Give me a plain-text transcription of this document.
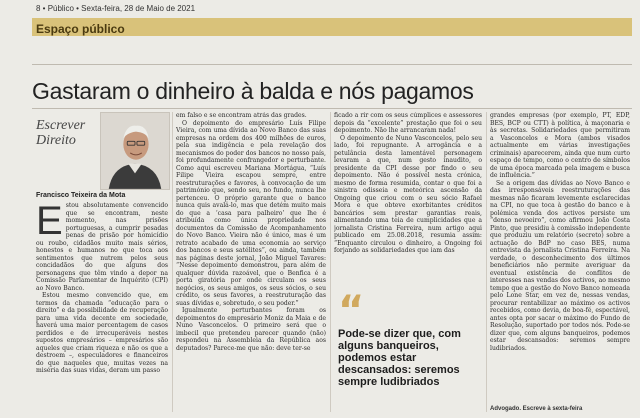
8 • Público • Sexta-feira, 28 de Maio de 2021
Espaço público
Gastaram o dinheiro à balda e nós pagamos
Escrever
Direito
Francisco Teixeira da Mota

Estou absolutamente convencido que se encontram, neste momento, nas prisões portuguesas, a cumprir pesadas penas de prisão por homicídio ou roubo, cidadãos muito mais sérios, honestos e humanos no que toca aos sentimentos que nutrem pelos seus concidadãos do que alguns dos personagens que têm vindo a depor na Comissão Parlamentar de Inquérito (CPI) ao Novo Banco.

Estou mesmo convencido que, em termos da chamada “educação para o direito” e da possibilidade de recuperação para uma vida decente em sociedade, haverá uma maior percentagem de casos perdidos e de irrecuperáveis nestes supostos empresários – empresários são aqueles que criam riqueza e não os que a destroem –, especuladores e financeiros do que naqueles que, muitas vezes na miséria das suas vidas, deram um passo

em falso e se encontram atrás das grades.

O depoimento do empresário Luís Filipe Vieira, com uma dívida ao Novo Banco das suas empresas na ordem dos 400 milhões de euros, pela sua indigência e pela revelação dos mecanismos do poder dos bancos no nosso país, foi profundamente confrangedor e perturbante. Como aqui escreveu Mariana Mortágua, “Luís Filipe Vieira escapou sempre, entre reestruturações e favores, à convocação de um património que, sendo seu, no fundo, nunca lhe pertenceu. O próprio garante que o banco nunca quis avalá-lo, mas que detém muito mais do que a ‘casa para palheiro’ que lhe é atribuída como única propriedade nos documentos da Comissão de Acompanhamento do Novo Banco. Vieira não é único, mas é um retrato acabado de uma economia ao serviço dos bancos e seus satélites”, ou ainda, também nas páginas deste jornal, João Miguel Tavares: “Nesse depoimento demonstrou, para além de qualquer dúvida razoável, que o Benfica é a porta giratória por onde circulam os seus negócios, os seus amigos, os seus sócios, o seu crédito, os seus favores, a reestruturação das suas dívidas e, sobretudo, o seu poder.”

Igualmente perturbantes foram os depoimentos do empresário Moniz da Maia e de Nuno Vasconcelos. O primeiro será que o imbecil que pretendeu parecer quando (não) respondeu na Assembleia da República aos deputados? Parece-me que não: deve ter-se

ficado a rir com os seus cúmplices e assessores depois da “excelente” prestação que foi o seu depoimento. Não lhe arrancaram nada!

O depoimento de Nuno Vasconcelos, pelo seu lado, foi repugnante. A arrogância e a petulância desta lamentável personagem levaram a que, num gesto inaudito, o presidente da CPI desse por findo o seu depoimento. Não é possível nesta crónica, mesmo de forma resumida, contar o que foi a sinistra odisseia e meteórica ascensão da Ongoing que criou com o seu sócio Rafael Mora e que obteve exorbitantes créditos bancários sem prestar garantias reais, alimentando uma teia de cumplicidades que a jornalista Cristina Ferreira, num artigo aqui publicado em 25.08.2018, resumia assim: “Enquanto circulou o dinheiro, a Ongoing foi forjando as solidariedades que iam das

“
Pode-se dizer que, com alguns banqueiros, podemos estar descansados: seremos sempre ludibriados

grandes empresas (por exemplo, PT, EDP, BES, BCP ou CTT) à política, à maçonaria e às secretas. Solidariedades que permitiram a Vasconcelos e Mora (ambos visados actualmente em várias investigações criminais) aparecerem, ainda que num curto espaço de tempo, como o centro de símbolos de uma época marcada pela imagem e busca de influência.”

Se a origem das dívidas ao Novo Banco e das irresponsáveis reestruturações das mesmas não ficaram levemente esclarecidas na CPI, no que toca à gestão do banco e à polémica venda dos activos persiste um “denso nevoeiro”, como afirmou João Costa Pinto, que presidiu à comissão independente que produziu um relatório (secreto) sobre a actuação do BdP no caso BES, numa entrevista da jornalista Cristina Ferreira. Na verdade, o desconhecimento dos últimos beneficiários não permite averiguar da eventual existência de conflitos de interesses nas vendas dos activos, ao mesmo tempo que a gestão do Novo Banco nomeada pelo Lone Star, em vez de, nessas vendas, procurar rentabilizar ao máximo os activos recebidos, como devia, de boa-fé, espectável, antes opta por sacar o máximo do Fundo de Resolução, suportado por todos nós. Pode-se dizer que, com alguns banqueiros, podemos estar descansados: seremos sempre ludibriados.

Advogado. Escreve à sexta-feira
